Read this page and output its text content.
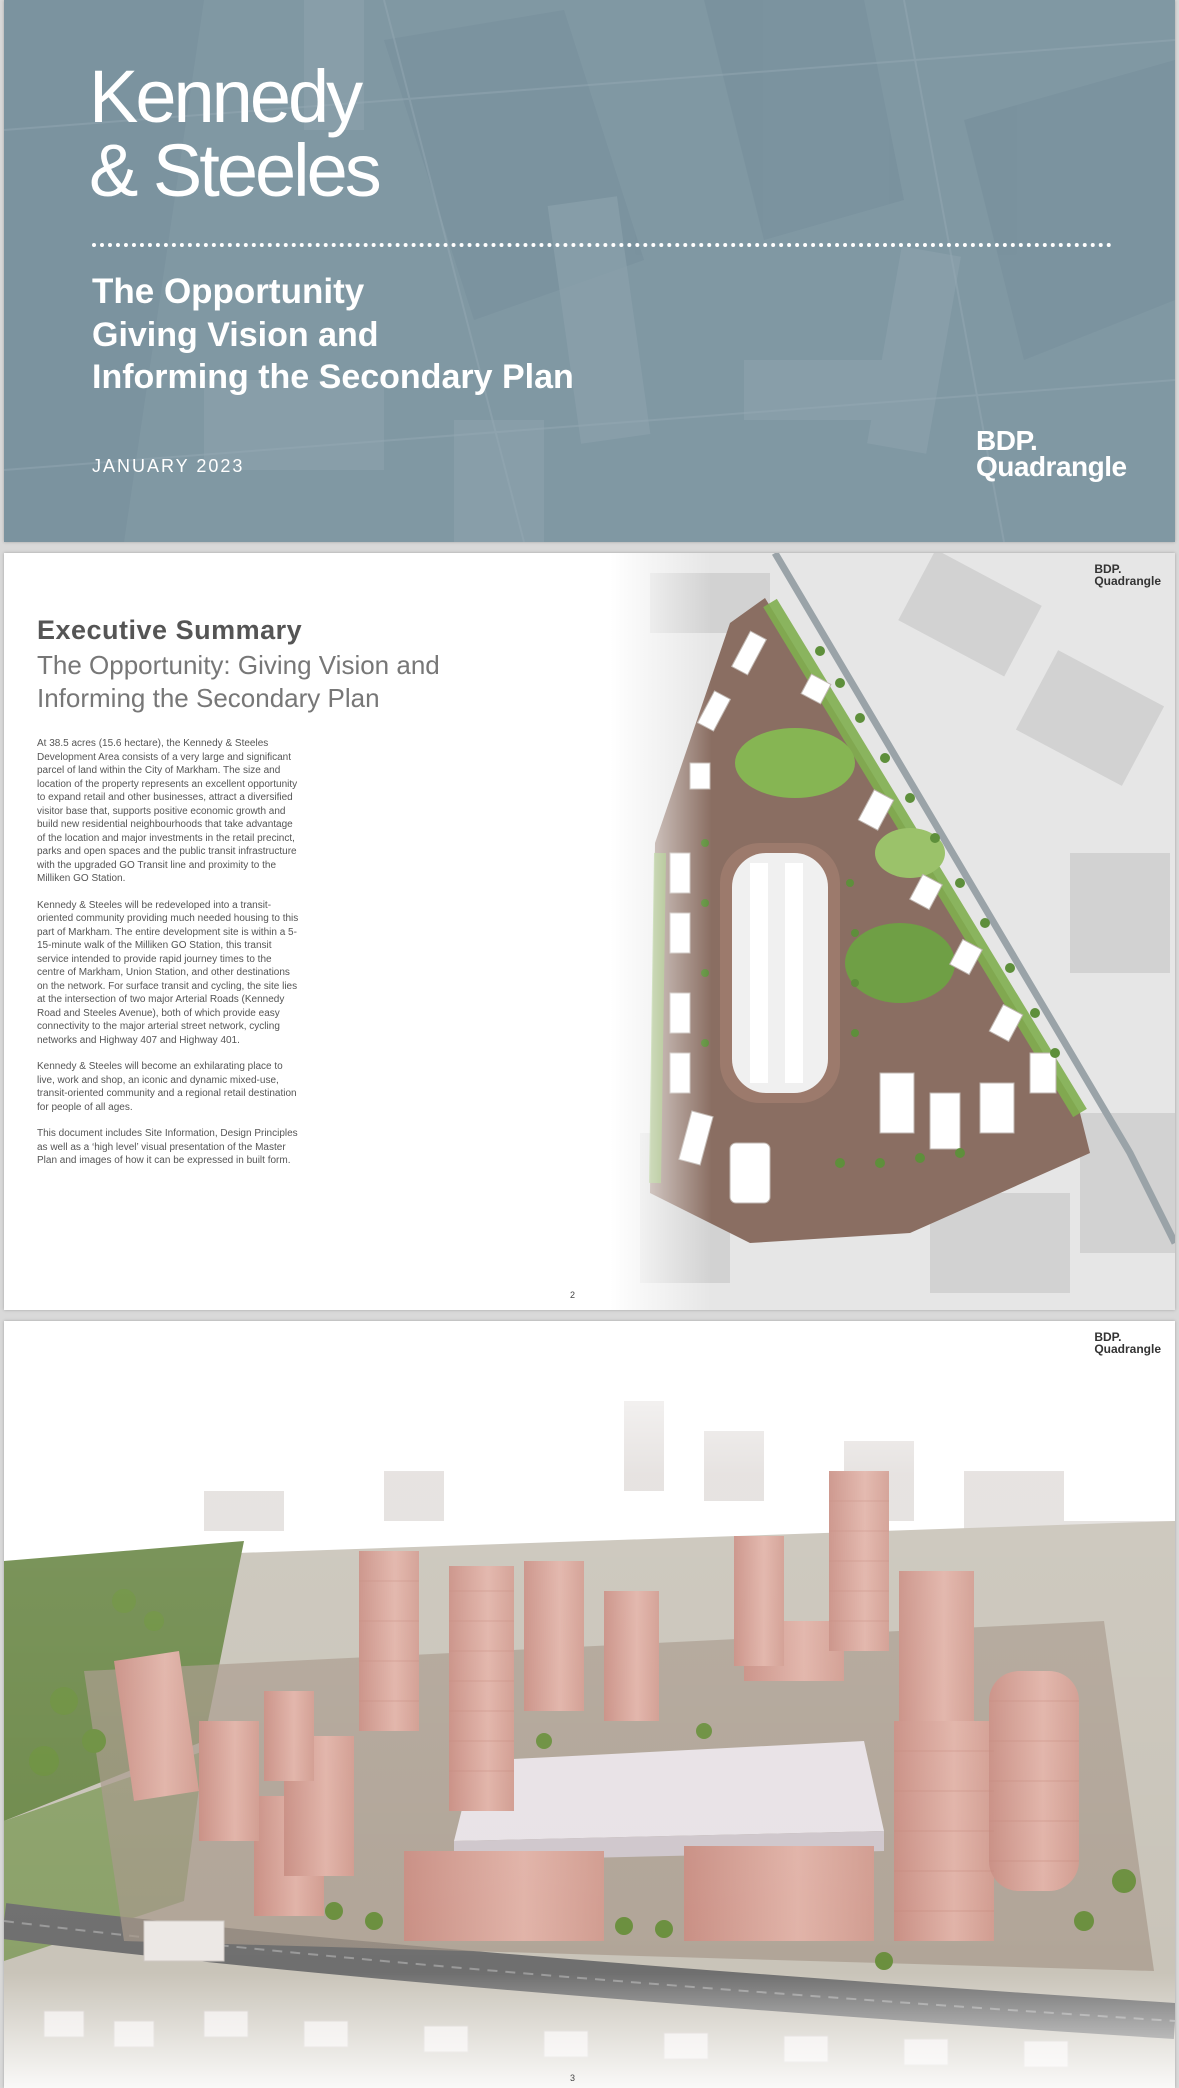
Kennedy
& Steeles
The Opportunity
Giving Vision and
Informing the Secondary Plan
JANUARY 2023
BDP.
Quadrangle
Executive Summary
The Opportunity: Giving Vision and
Informing the Secondary Plan

At 38.5 acres (15.6 hectare), the Kennedy & Steeles Development Area consists of a very large and significant parcel of land within the City of Markham. The size and location of the property represents an excellent opportunity to expand retail and other businesses, attract a diversified visitor base that, supports positive economic growth and build new residential neighbourhoods that take advantage of the location and major investments in the retail precinct, parks and open spaces and the public transit infrastructure with the upgraded GO Transit line and proximity to the Milliken GO Station.

Kennedy & Steeles will be redeveloped into a transit-oriented community providing much needed housing to this part of Markham. The entire development site is within a 5-15-minute walk of the Milliken GO Station, this transit service intended to provide rapid journey times to the centre of Markham, Union Station, and other destinations on the network. For surface transit and cycling, the site lies at the intersection of two major Arterial Roads (Kennedy Road and Steeles Avenue), both of which provide easy connectivity to the major arterial street network, cycling networks and Highway 407 and Highway 401.

Kennedy & Steeles will become an exhilarating place to live, work and shop, an iconic and dynamic mixed-use, transit-oriented community and a regional retail destination for people of all ages.

This document includes Site Information, Design Principles as well as a ‘high level’ visual presentation of the Master Plan and images of how it can be expressed in built form.

BDP.
Quadrangle
2
BDP.
Quadrangle
3
